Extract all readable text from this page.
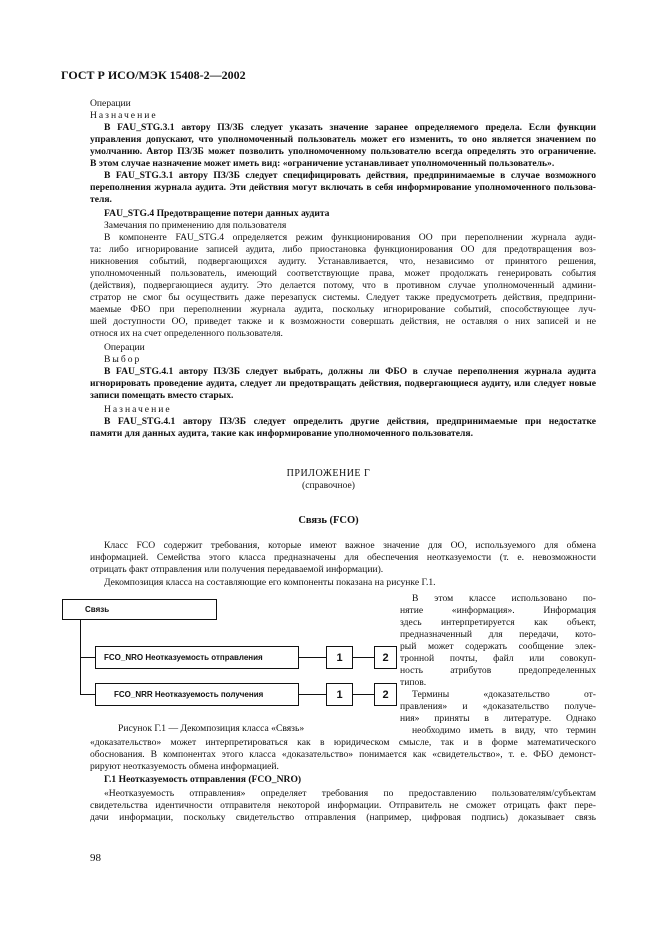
ГОСТ Р ИСО/МЭК 15408-2—2002
Операции
Назначение
В FAU_STG.3.1 автору ПЗ/ЗБ следует указать значение заранее определяемого предела. Если функции
управления допускают, что уполномоченный пользователь может его изменить, то оно является значением по
умолчанию. Автор ПЗ/ЗБ может позволить уполномоченному пользователю всегда определять это ограничение.
В этом случае назначение может иметь вид: «ограничение устанавливает уполномоченный пользователь».
В FAU_STG.3.1 автору ПЗ/ЗБ следует специфицировать действия, предпринимаемые в случае возможного
переполнения журнала аудита. Эти действия могут включать в себя информирование уполномоченного пользова-
теля.
FAU_STG.4 Предотвращение потери данных аудита
Замечания по применению для пользователя
В компоненте FAU_STG.4 определяется режим функционирования ОО при переполнении журнала ауди-
та: либо игнорирование записей аудита, либо приостановка функционирования ОО для предотвращения воз-
никновения событий, подвергающихся аудиту. Устанавливается, что, независимо от принятого решения,
уполномоченный пользователь, имеющий соответствующие права, может продолжать генерировать события
(действия), подвергающиеся аудиту. Это делается потому, что в противном случае уполномоченный админи-
стратор не смог бы осуществить даже перезапуск системы. Следует также предусмотреть действия, предприни-
маемые ФБО при переполнении журнала аудита, поскольку игнорирование событий, способствующее луч-
шей доступности ОО, приведет также и к возможности совершать действия, не оставляя о них записей и не
относя их на счет определенного пользователя.
Операции
Выбор
В FAU_STG.4.1 автору ПЗ/ЗБ следует выбрать, должны ли ФБО в случае переполнения журнала аудита
игнорировать проведение аудита, следует ли предотвращать действия, подвергающиеся аудиту, или следует новые
записи помещать вместо старых.
Назначение
В FAU_STG.4.1 автору ПЗ/ЗБ следует определить другие действия, предпринимаемые при недостатке
памяти для данных аудита, такие как информирование уполномоченного пользователя.
ПРИЛОЖЕНИЕ Г
(справочное)
Связь (FCO)
Класс FCO содержит требования, которые имеют важное значение для ОО, используемого для обмена
информацией. Семейства этого класса предназначены для обеспечения неотказуемости (т. е. невозможности
отрицать факт отправления или получения передаваемой информации).
Декомпозиция класса на составляющие его компоненты показана на рисунке Г.1.
Связь
FCO_NRO Неотказуемость отправления	1	2
FCO_NRR Неотказуемость получения	1	2
Рисунок Г.1 — Декомпозиция класса «Связь»
В этом классе использовано по-
нятие «информация». Информация
здесь интерпретируется как объект,
предназначенный для передачи, кото-
рый может содержать сообщение элек-
тронной почты, файл или совокуп-
ность атрибутов предопределенных
типов.
Термины «доказательство от-
правления» и «доказательство получе-
ния» приняты в литературе. Однако
необходимо иметь в виду, что термин
«доказательство» может интерпретироваться как в юридическом смысле, так и в форме математического
обоснования. В компонентах этого класса «доказательство» понимается как «свидетельство», т. е. ФБО демонст-
рируют неотказуемость обмена информацией.
Г.1 Неотказуемость отправления (FCO_NRO)
«Неотказуемость отправления» определяет требования по предоставлению пользователям/субъектам
свидетельства идентичности отправителя некоторой информации. Отправитель не сможет отрицать факт пере-
дачи информации, поскольку свидетельство отправления (например, цифровая подпись) доказывает связь
98
